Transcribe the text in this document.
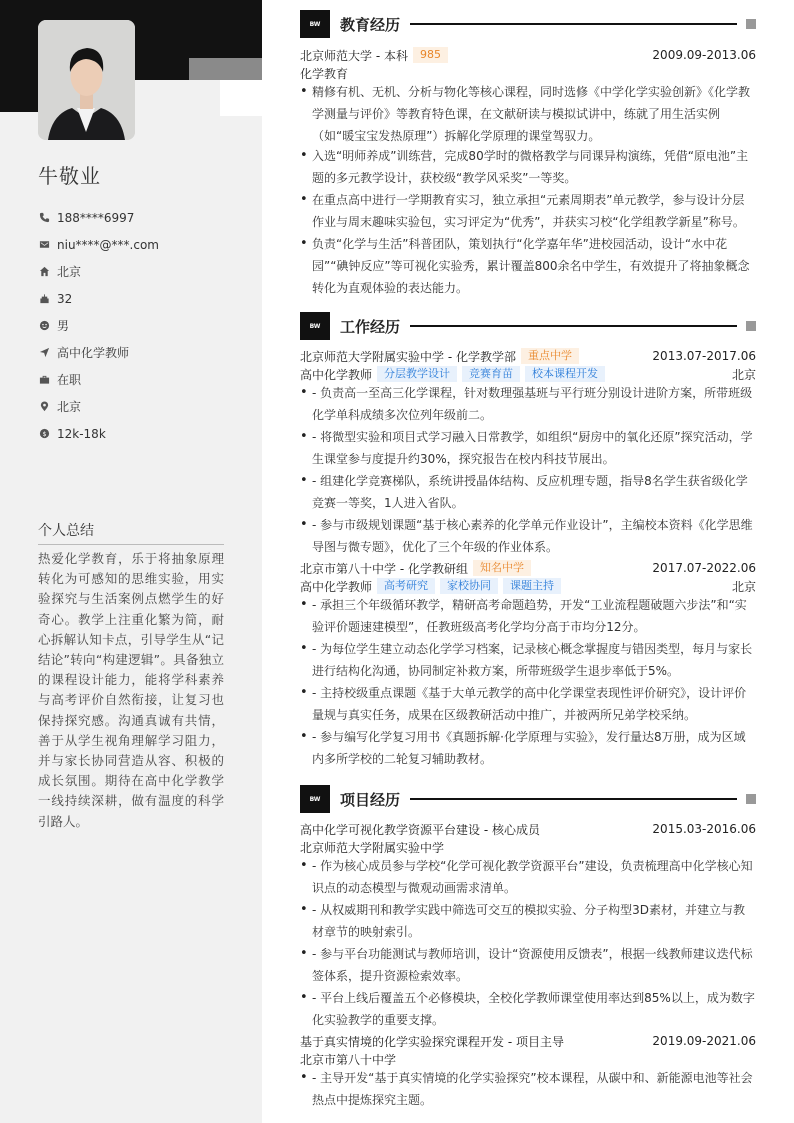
牛敬业
188****6997
niu****@***.com
北京
32
男
高中化学教师
在职
北京
$ 12k-18k
个人总结
热爱化学教育，乐于将抽象原理转化为可感知的思维实验，用实验探究与生活案例点燃学生的好奇心。教学上注重化繁为简，耐心拆解认知卡点，引导学生从“记结论”转向“构建逻辑”。具备独立的课程设计能力，能将学科素养与高考评价自然衔接，让复习也保持探究感。沟通真诚有共情，善于从学生视角理解学习阻力，并与家长协同营造从容、积极的成长氛围。期待在高中化学教学一线持续深耕，做有温度的科学引路人。
BW	教育经历
北京师范大学 - 本科	985	2009.09-2013.06
化学教育
• 精修有机、无机、分析与物化等核心课程，同时选修《中学化学实验创新》《化学教学测量与评价》等教育特色课，在文献研读与模拟试讲中，练就了用生活实例（如“暖宝宝发热原理”）拆解化学原理的课堂驾驭力。
• 入选“明师养成”训练营，完成80学时的微格教学与同课异构演练，凭借“原电池”主题的多元教学设计，获校级“教学风采奖”一等奖。
• 在重点高中进行一学期教育实习，独立承担“元素周期表”单元教学，参与设计分层作业与周末趣味实验包，实习评定为“优秀”，并获实习校“化学组教学新星”称号。
• 负责“化学与生活”科普团队，策划执行“化学嘉年华”进校园活动，设计“水中花园”“碘钟反应”等可视化实验秀，累计覆盖800余名中学生，有效提升了将抽象概念转化为直观体验的表达能力。
BW	工作经历
北京师范大学附属实验中学 - 化学教学部	重点中学	2013.07-2017.06
高中化学教师	分层教学设计	竞赛育苗	校本课程开发	北京
• - 负责高一至高三化学课程，针对数理强基班与平行班分别设计进阶方案，所带班级化学单科成绩多次位列年级前二。
• - 将微型实验和项目式学习融入日常教学，如组织“厨房中的氧化还原”探究活动，学生课堂参与度提升约30%，探究报告在校内科技节展出。
• - 组建化学竞赛梯队，系统讲授晶体结构、反应机理专题，指导8名学生获省级化学竞赛一等奖，1人进入省队。
• - 参与市级规划课题“基于核心素养的化学单元作业设计”，主编校本资料《化学思维导图与微专题》，优化了三个年级的作业体系。
北京市第八十中学 - 化学教研组	知名中学	2017.07-2022.06
高中化学教师	高考研究	家校协同	课题主持	北京
• - 承担三个年级循环教学，精研高考命题趋势，开发“工业流程题破题六步法”和“实验评价题速建模型”，任教班级高考化学均分高于市均分12分。
• - 为每位学生建立动态化学学习档案，记录核心概念掌握度与错因类型，每月与家长进行结构化沟通，协同制定补救方案，所带班级学生退步率低于5%。
• - 主持校级重点课题《基于大单元教学的高中化学课堂表现性评价研究》，设计评价量规与真实任务，成果在区级教研活动中推广，并被两所兄弟学校采纳。
• - 参与编写化学复习用书《真题拆解·化学原理与实验》，发行量达8万册，成为区域内多所学校的二轮复习辅助教材。
BW	项目经历
高中化学可视化教学资源平台建设 - 核心成员	2015.03-2016.06
北京师范大学附属实验中学
• - 作为核心成员参与学校“化学可视化教学资源平台”建设，负责梳理高中化学核心知识点的动态模型与微观动画需求清单。
• - 从权威期刊和教学实践中筛选可交互的模拟实验、分子构型3D素材，并建立与教材章节的映射索引。
• - 参与平台功能测试与教师培训，设计“资源使用反馈表”，根据一线教师建议迭代标签体系，提升资源检索效率。
• - 平台上线后覆盖五个必修模块，全校化学教师课堂使用率达到85%以上，成为数字化实验教学的重要支撑。
基于真实情境的化学实验探究课程开发 - 项目主导	2019.09-2021.06
北京市第八十中学
• - 主导开发“基于真实情境的化学实验探究”校本课程，从碳中和、新能源电池等社会热点中提炼探究主题。
